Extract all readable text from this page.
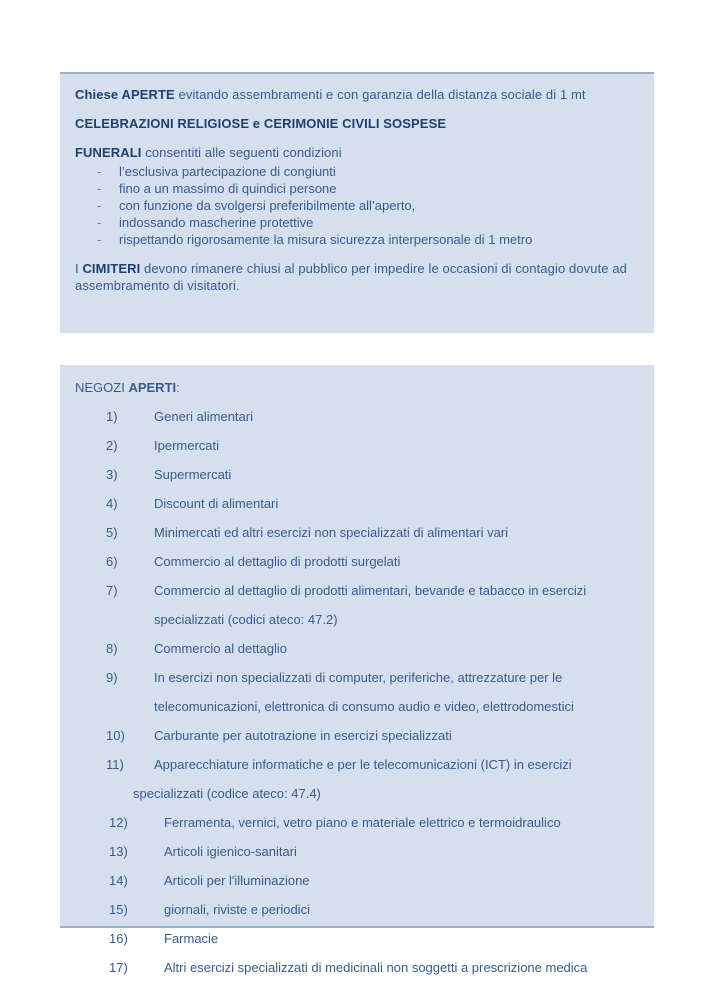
Chiese APERTE evitando assembramenti e con garanzia della distanza sociale di 1 mt
CELEBRAZIONI RELIGIOSE e CERIMONIE CIVILI SOSPESE
FUNERALI consentiti alle seguenti condizioni
-	l’esclusiva partecipazione di congiunti
-	fino a un massimo di quindici persone
-	con funzione da svolgersi preferibilmente all’aperto,
-	indossando mascherine protettive
-	rispettando rigorosamente la misura sicurezza interpersonale di 1 metro
I CIMITERI devono rimanere chiusi al pubblico per impedire le occasioni di contagio dovute ad assembramento di visitatori.
NEGOZI APERTI:
1)	Generi alimentari
2)	Ipermercati
3)	Supermercati
4)	Discount di alimentari
5)	Minimercati ed altri esercizi non specializzati di alimentari vari
6)	Commercio al dettaglio di prodotti surgelati
7)	Commercio al dettaglio di prodotti alimentari, bevande e tabacco in esercizi
specializzati (codici ateco: 47.2)
8)	Commercio al dettaglio
9)	In esercizi non specializzati di computer, periferiche, attrezzature per le
telecomunicazioni, elettronica di consumo audio e video, elettrodomestici
10)	Carburante per autotrazione in esercizi specializzati
11)	Apparecchiature informatiche e per le telecomunicazioni (ICT) in esercizi
specializzati (codice ateco: 47.4)
12)	Ferramenta, vernici, vetro piano e materiale elettrico e termoidraulico
13)	Articoli igienico-sanitari
14)	Articoli per l'illuminazione
15)	giornali, riviste e periodici
16)	Farmacie
17)	Altri esercizi specializzati di medicinali non soggetti a prescrizione medica
